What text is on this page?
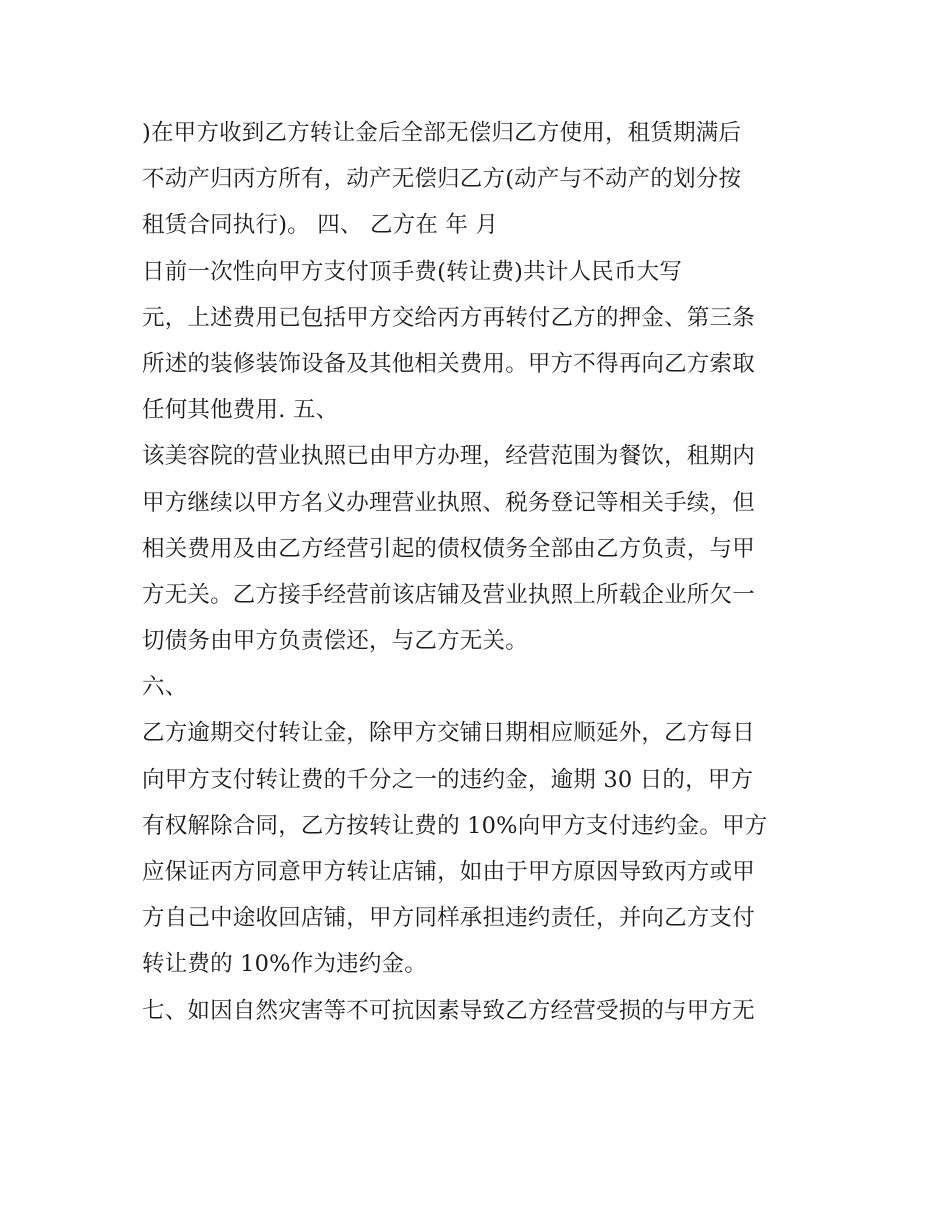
)在甲方收到乙方转让金后全部无偿归乙方使用，租赁期满后
不动产归丙方所有，动产无偿归乙方(动产与不动产的划分按
租赁合同执行)。 四、 乙方在 年 月
日前一次性向甲方支付顶手费(转让费)共计人民币大写
元，上述费用已包括甲方交给丙方再转付乙方的押金、第三条
所述的装修装饰设备及其他相关费用。甲方不得再向乙方索取
任何其他费用. 五、
该美容院的营业执照已由甲方办理，经营范围为餐饮，租期内
甲方继续以甲方名义办理营业执照、税务登记等相关手续，但
相关费用及由乙方经营引起的债权债务全部由乙方负责，与甲
方无关。乙方接手经营前该店铺及营业执照上所载企业所欠一
切债务由甲方负责偿还，与乙方无关。
六、
乙方逾期交付转让金，除甲方交铺日期相应顺延外，乙方每日
向甲方支付转让费的千分之一的违约金，逾期 30 日的，甲方
有权解除合同，乙方按转让费的 10%向甲方支付违约金。甲方
应保证丙方同意甲方转让店铺，如由于甲方原因导致丙方或甲
方自己中途收回店铺，甲方同样承担违约责任，并向乙方支付
转让费的 10%作为违约金。
七、如因自然灾害等不可抗因素导致乙方经营受损的与甲方无
